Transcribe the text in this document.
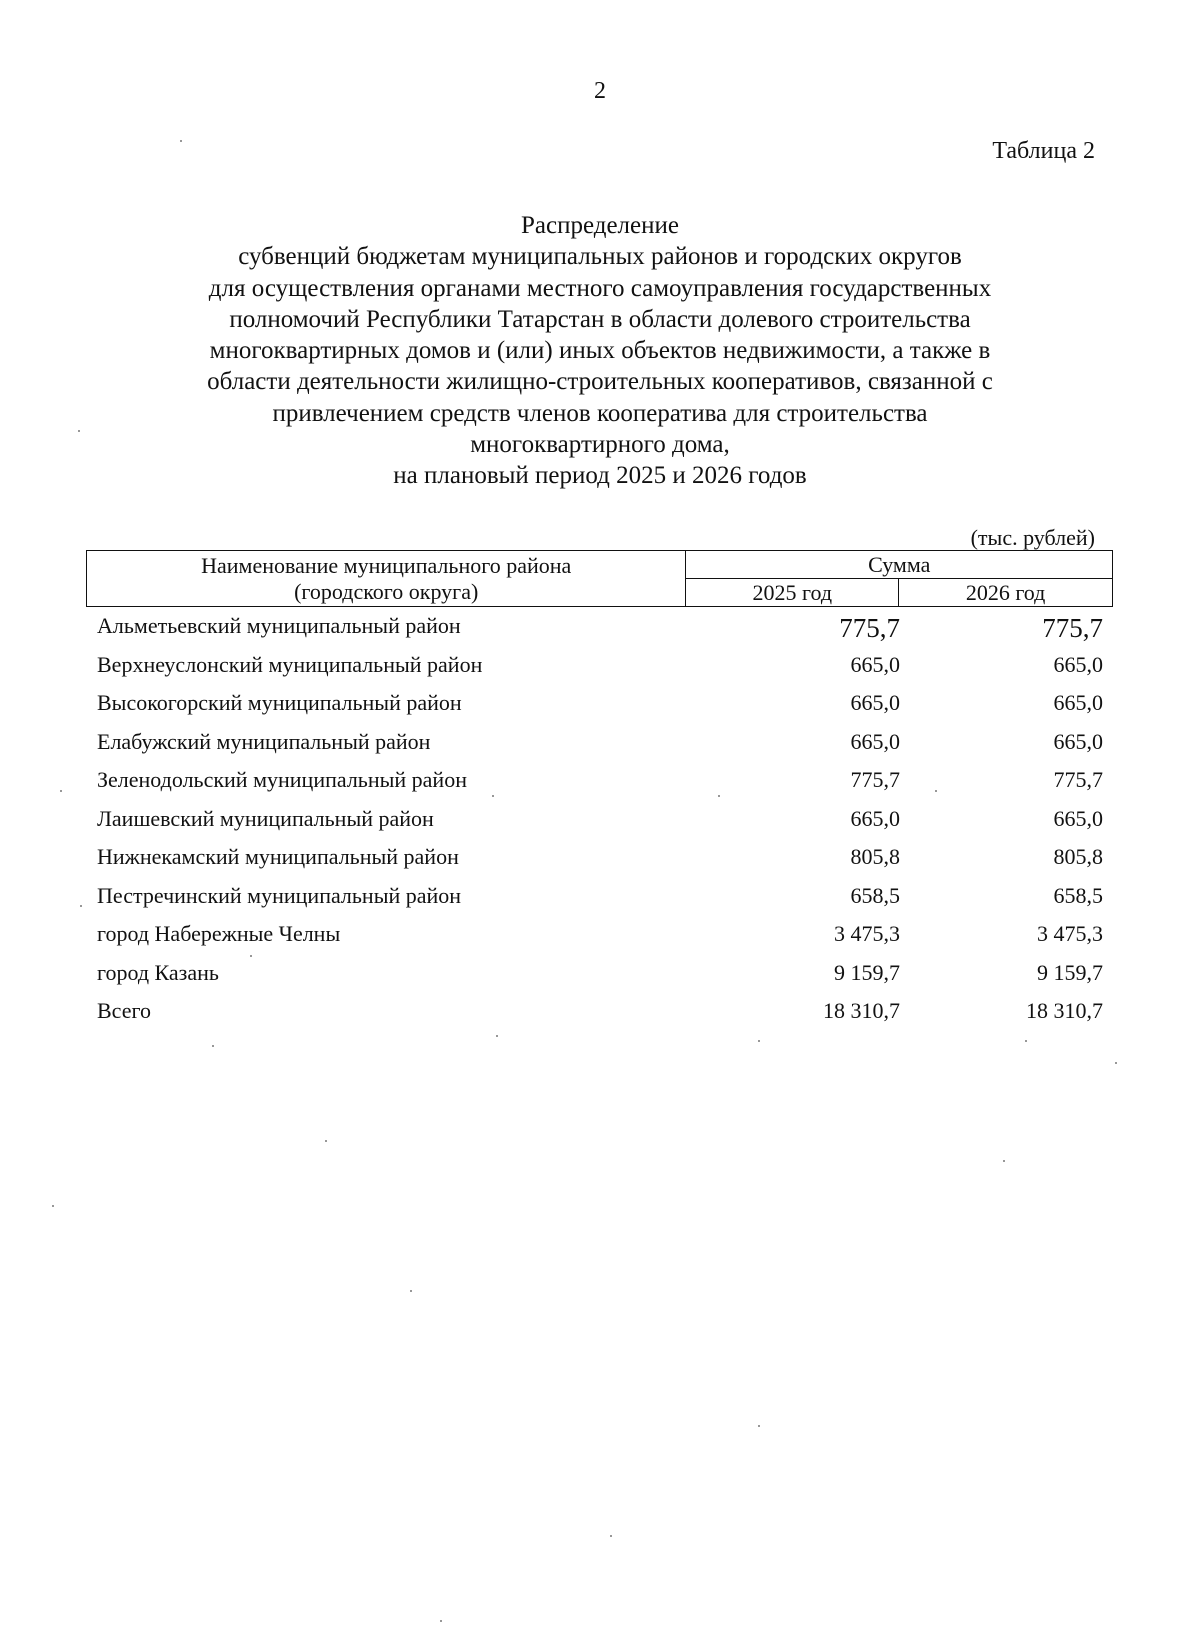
2
Таблица 2
Распределение
субвенций бюджетам муниципальных районов и городских округов
для осуществления органами местного самоуправления государственных
полномочий Республики Татарстан в области долевого строительства
многоквартирных домов и (или) иных объектов недвижимости, а также в
области деятельности жилищно-строительных кооперативов, связанной с
привлечением средств членов кооператива для строительства
многоквартирного дома,
на плановый период 2025 и 2026 годов
(тыс. рублей)
Наименование муниципального района
(городского округа)	Сумма	
	2025 год	2026 год
Альметьевский муниципальный район	775,7	775,7
Верхнеуслонский муниципальный район	665,0	665,0
Высокогорский муниципальный район	665,0	665,0
Елабужский муниципальный район	665,0	665,0
Зеленодольский муниципальный район	775,7	775,7
Лаишевский муниципальный район	665,0	665,0
Нижнекамский муниципальный район	805,8	805,8
Пестречинский муниципальный район	658,5	658,5
город Набережные Челны	3 475,3	3 475,3
город Казань	9 159,7	9 159,7
Всего	18 310,7	18 310,7
